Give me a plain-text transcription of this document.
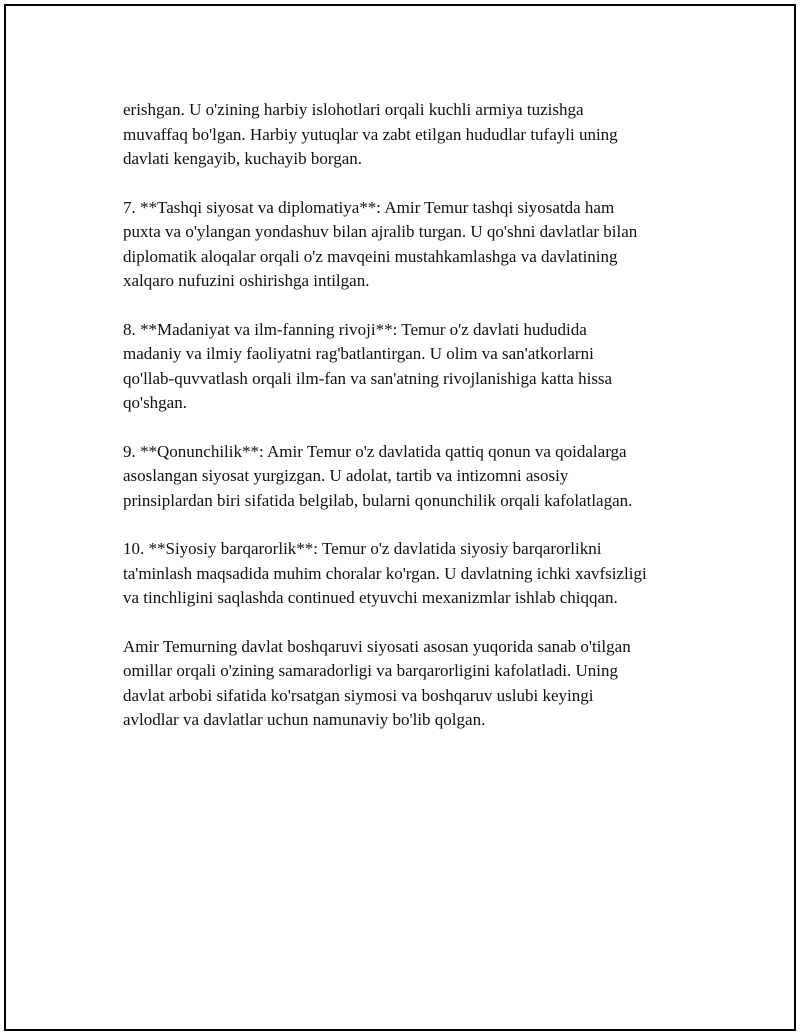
erishgan. U o'zining harbiy islohotlari orqali kuchli armiya tuzishga
muvaffaq bo'lgan. Harbiy yutuqlar va zabt etilgan hududlar tufayli uning
davlati kengayib, kuchayib borgan.

7. **Tashqi siyosat va diplomatiya**: Amir Temur tashqi siyosatda ham
puxta va o'ylangan yondashuv bilan ajralib turgan. U qo'shni davlatlar bilan
diplomatik aloqalar orqali o'z mavqeini mustahkamlashga va davlatining
xalqaro nufuzini oshirishga intilgan.

8. **Madaniyat va ilm-fanning rivoji**: Temur o'z davlati hududida
madaniy va ilmiy faoliyatni rag'batlantirgan. U olim va san'atkorlarni
qo'llab-quvvatlash orqali ilm-fan va san'atning rivojlanishiga katta hissa
qo'shgan.

9. **Qonunchilik**: Amir Temur o'z davlatida qattiq qonun va qoidalarga
asoslangan siyosat yurgizgan. U adolat, tartib va intizomni asosiy
prinsiplardan biri sifatida belgilab, bularni qonunchilik orqali kafolatlagan.

10. **Siyosiy barqarorlik**: Temur o'z davlatida siyosiy barqarorlikni
ta'minlash maqsadida muhim choralar ko'rgan. U davlatning ichki xavfsizligi
va tinchligini saqlashda continued etyuvchi mexanizmlar ishlab chiqqan.

Amir Temurning davlat boshqaruvi siyosati asosan yuqorida sanab o'tilgan
omillar orqali o'zining samaradorligi va barqarorligini kafolatladi. Uning
davlat arbobi sifatida ko'rsatgan siymosi va boshqaruv uslubi keyingi
avlodlar va davlatlar uchun namunaviy bo'lib qolgan.
